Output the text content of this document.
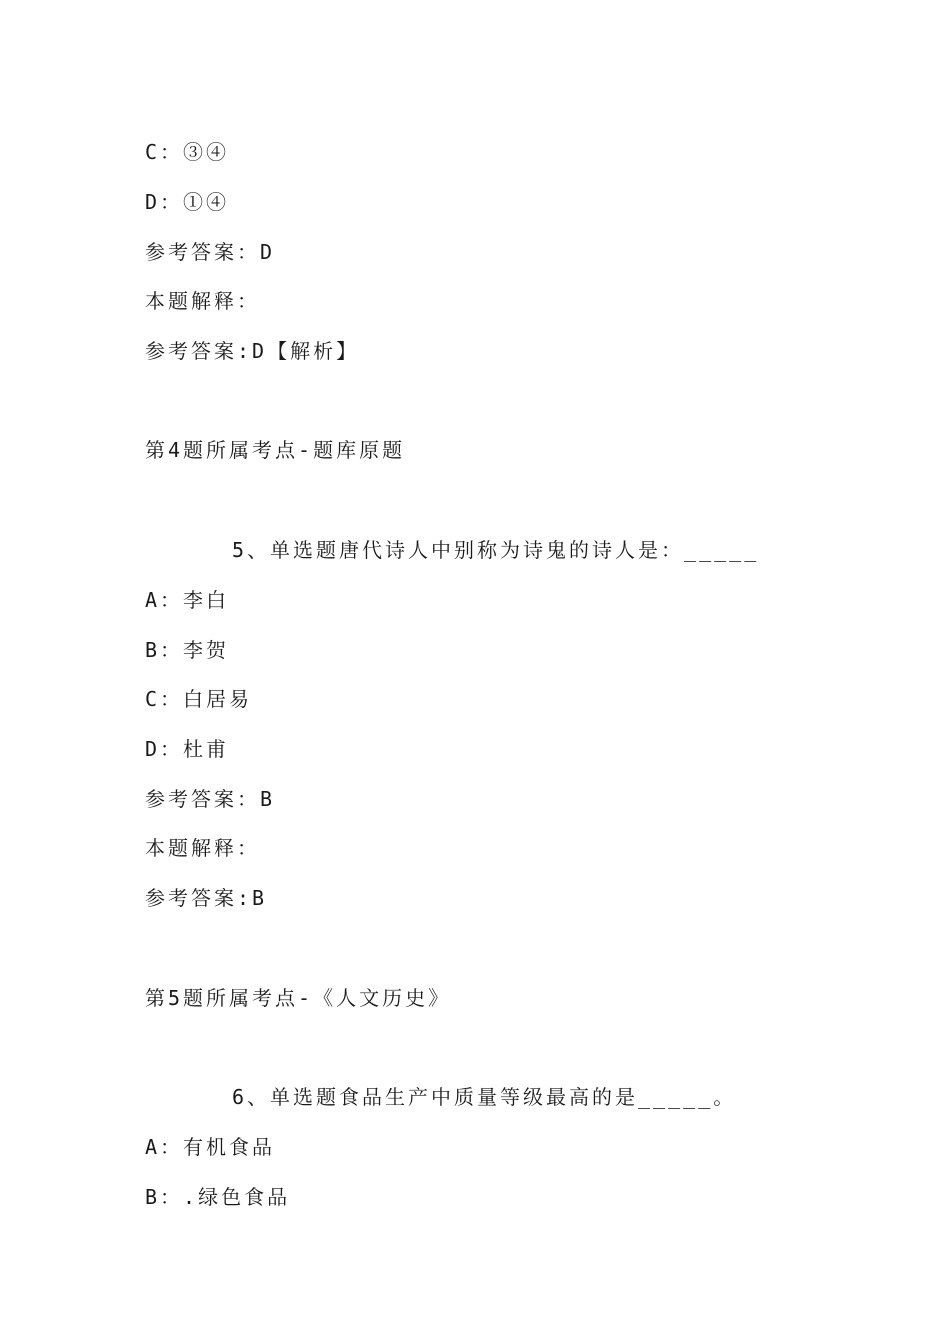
C：③④
D：①④
参考答案：D
本题解释：
参考答案:D【解析】
第4题所属考点-题库原题
5、单选题唐代诗人中别称为诗鬼的诗人是：_____
A：李白
B：李贺
C：白居易
D：杜甫
参考答案：B
本题解释：
参考答案:B
第5题所属考点-《人文历史》
6、单选题食品生产中质量等级最高的是_____。
A：有机食品
B：.绿色食品
